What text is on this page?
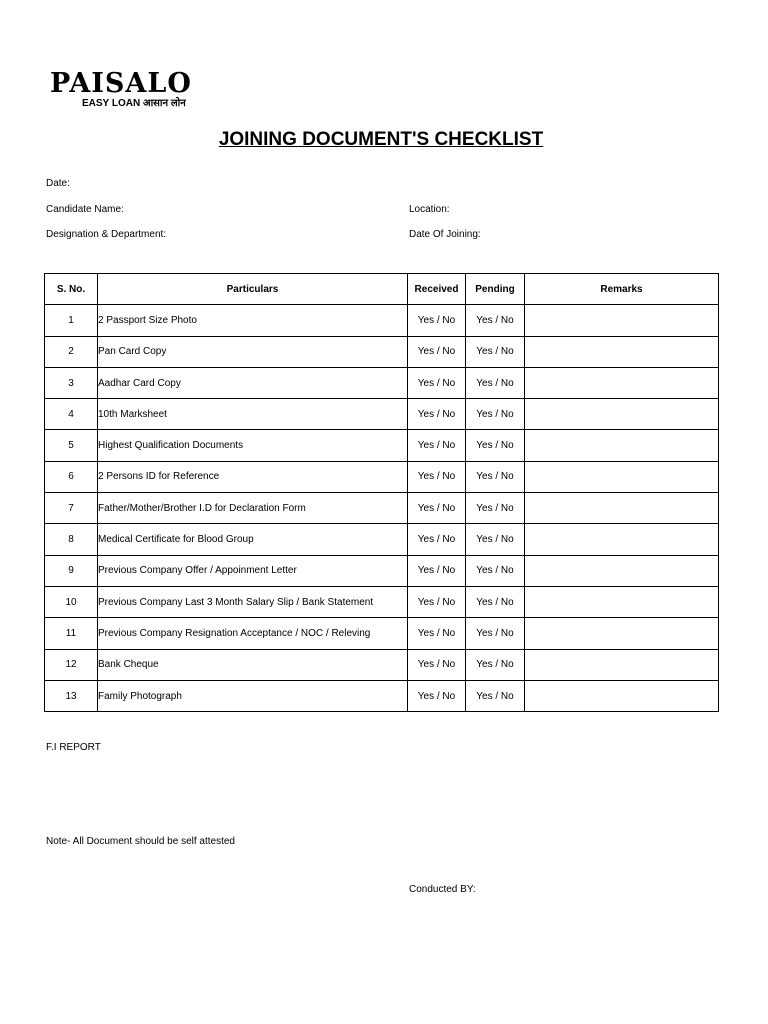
PAISALO
EASY LOAN आसान लोन
JOINING DOCUMENT'S CHECKLIST
Date:
Candidate Name:	Location:
Designation & Department:	Date Of Joining:
S. No.	Particulars	Received	Pending	Remarks
1	2 Passport Size Photo	Yes / No	Yes / No	
2	Pan Card Copy	Yes / No	Yes / No	
3	Aadhar Card Copy	Yes / No	Yes / No	
4	10th Marksheet	Yes / No	Yes / No	
5	Highest Qualification Documents	Yes / No	Yes / No	
6	2 Persons ID for Reference	Yes / No	Yes / No	
7	Father/Mother/Brother I.D for Declaration Form	Yes / No	Yes / No	
8	Medical Certificate for Blood Group	Yes / No	Yes / No	
9	Previous Company Offer / Appoinment Letter	Yes / No	Yes / No	
10	Previous Company Last 3 Month Salary Slip / Bank Statement	Yes / No	Yes / No	
11	Previous Company Resignation Acceptance / NOC / Releving	Yes / No	Yes / No	
12	Bank Cheque	Yes / No	Yes / No	
13	Family Photograph	Yes / No	Yes / No	
F.I REPORT
Note- All Document should be self attested
Conducted BY:
